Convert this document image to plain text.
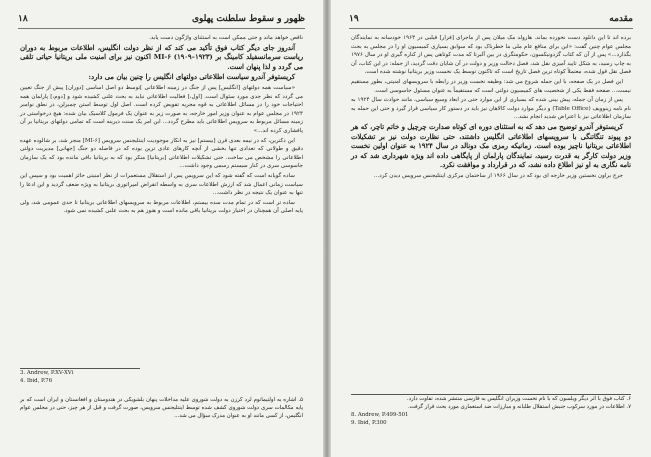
ظهور و سقوط سلطنت پهلوی
۱۸

ناقص خواهد ماند و حتی ممکن است به استثنای واژگون دست یابد.

آندروز جای دیگر کتاب فوق تأکید می کند که از نظر دولت انگلیس، اطلاعات مربوط به دوران ریاست سرمانسفیلد کامینگ بر MI-۶ (۱۹۰۹–۱۹۲۳) اکنون نیز برای امنیت ملی بریتانیا حیاتی تلقی می گردد و لذا پنهان است.

کریستوفر آندرو سیاست اطلاعاتی دولتهای انگلیس را چنین بیان می دارد:

«سیاست همه دولتهای [انگلیس] پس از جنگ در زمینه اطلاعاتی ]توسط دو اصل اساسی [دوران] پیش از جنگ تعیین می گردد که نظر جدی مورد سئوال است. [اول،] فعالیت اطلاعاتی نباید به بحث علنی کشیده شود و [دوم،] پارلمان همه احتیاجات خود را در مسائل اطلاعاتی به قوه مجریه تفویض کرده است. اصل اول توسط استن چمبرلن، در نطق نوامبر ۱۹۲۴ در مجلس عوام به عنوان وزیر امور خارجه، به صورت زیر به عنوان یک فرمول کلاسیک بیان شده: هیچ درخواستی در زمینه مسائل مربوط به سرویس اطلاعاتی باید مطرح گردد... این امر یک سنت دیرینه است که تمامی دولتهای بریتانیا بر آن پافشاری کرده اند...»

این دکترین، که در نیمه بعدی قرن [بیستم] نیز به انکار موجودیت اینتلیجنس سرویس [MI-۶] منجر شد، بر شالوده عهده دقیق و طولانی که تعدادی تنها بخشی از آنچه کارهای عادی ترین بوده که در فاصله دو جنگ [جهانی] مدیریت دولتی اطلاعاتی را مشخص می ساخت. حتی تشکیلات اطلاعاتی [بریتانیا] منکر بود که به بریتانیا باقی مانده بود که یک سازمان جاسوسی سری در کنار سیستم رسمی وجود داشت...

ساده گویانه است که گفته شود که این سرویس پس از استقلال مستعمرات از نظر امنیتی حائز اهمیت بود و سپس این سیاست زمانی اعمال شد که ارزش اطلاعات سری به واسطه انقراض امپراتوری بریتانیا به ویژه ضعف گردید و این ادعا را تنها به عنوان یک نتیجه در نظر داشت...

ساده تر است که در تمام مدت سده بیستم، اطلاعات مربوط به سرویسهای اطلاعاتی بریتانیا تا حدی عمومی شد، ولی پایه اصلی آن همچنان در اختیار دولت بریتانیا باقی مانده است و هنوز هم به بحث علنی کشیده نمی شود.

3. Andrew, P.XV-XVi

4. Ibid, P.76

۵. اشاره به اولتیماتوم لرد کرزن به دولت شوروی علیه مداخلات پنهان بلشویکی در هندوستان و افغانستان و ایران است که بر پایه مکالمات سری دولت شوروی کشف شده توسط اینتلیجنس سرویس، صورت گرفت و قبل از هر چیز، حتی در مجلس عوام انگلیس، از کسی مانند او به عنوان مدرک سؤال می شد...

مقدمه
۱۹

برده اند تا این دانلود دست نخورده بماند. هارولد مک میلان پس از ماجرای [فرار] فیلبی در ۱۹۶۳ خودسانه به نمایندگان مجلس عوام چنین گفت: «این برای منافع عام ملی ما خطرناک بود که سوابق بسیاری کمیسیون او را در مجلس به بحث بگذارد...» پس از آن که کتاب گزدونیکسون، حکومتگری در بین آلبرتا که مدت کوتاهی پس از کناره گیری او در سال ۱۹۷۶ به چاپ رسید، به شکل تایید آمیزی نقل شد، فصل دخالت وزیر و دولت در آن شایان دقت گردید، از جمله: در این کتاب، آن فصل نقل قول شده، معتملاً کوتاه ترین فصل تاریخ است که تاکنون توسط یک نخست وزیر بریتانیا نوشته شده است.

این فصل در یک صفحه، با این جمله شروع می شد: وظیفه نخست وزیر در رابطه با سرویسهای امنیتی، بطور مستقیم نیست... صفحه فقط یکی از شخصیت های کمیسیون دولتی است که مستقیماً به عنوان مسئول جاسوسی است.

پس از زمان آن جمله، پیش بینی شده که بسیاری از این موارد حتی در ابعاد وسیع سیاسی، مانند حوادث سال ۱۹۲۴ به نام نامه زینوویف (Table Office) و دیگر موارد دولت کالاهان نیز باید در دستور کار سیاسی قرار گیرد و حتی این حمله به سازمان اطلاعاتی نیز با اعتراض شدید انجام نشد...

کریستوفر آندرو توضیح می دهد که به استثنای دوره ای کوتاه صدارت چرچیل و خاتم تاچر، که هر دو پیوند تنگاتنگی با سرویسهای اطلاعاتی انگلیس داشتند، حتی نظارت دولت نیز بر تشکیلات اطلاعاتی بریتانیا ناچیز بوده است. زمانیکه رمزی مک دونالد در سال ۱۹۲۴ به عنوان اولین نخست وزیر دولت کارگر به قدرت رسید، نمایندگان پارلمان از پایگاهی داده اند ویژه شهرداری شد که در نامه نگاری به او نیز اطلاع داده نشد، که در قرارداد و موافقت نکرد.

جرج براون نخستین وزیر خارجه ای بود که در سال ۱۹۶۶ از ساختمان مرکزی اینتلیجنس سرویس دیدن کرد...

۶. کتاب فوق با اثر دیگر ویلسون که با نام نخست وزیران انگلیس به فارسی منتشر شده، تفاوت دارد.

۷. اطلاعات در مورد سرکوب جنبش استقلال طلبانه و مبارزات ضد استعماری مورد بحث قرار گرفت.

8. Andrew, P.499-501

9. Ibid, P.300
